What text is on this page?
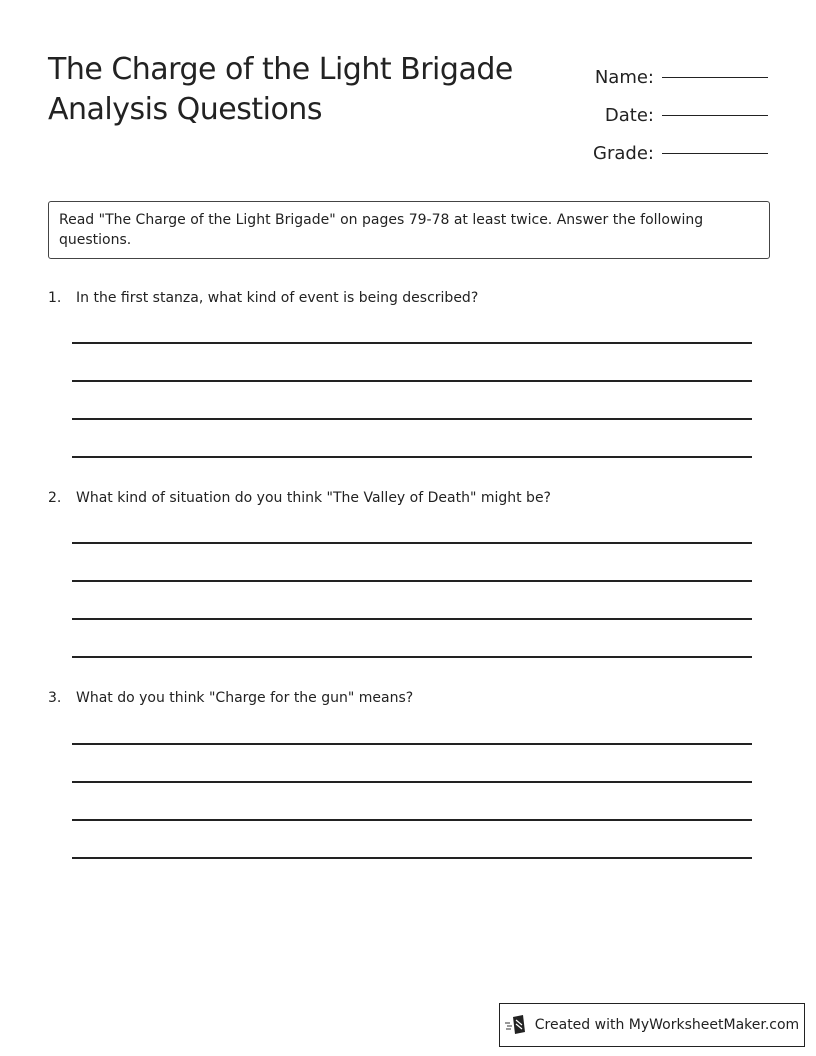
The Charge of the Light Brigade
Analysis Questions
Name:
Date:
Grade:
Read "The Charge of the Light Brigade" on pages 79-78 at least twice. Answer the following questions.
1. In the first stanza, what kind of event is being described?
2. What kind of situation do you think "The Valley of Death" might be?
3. What do you think "Charge for the gun" means?
Created with MyWorksheetMaker.com
